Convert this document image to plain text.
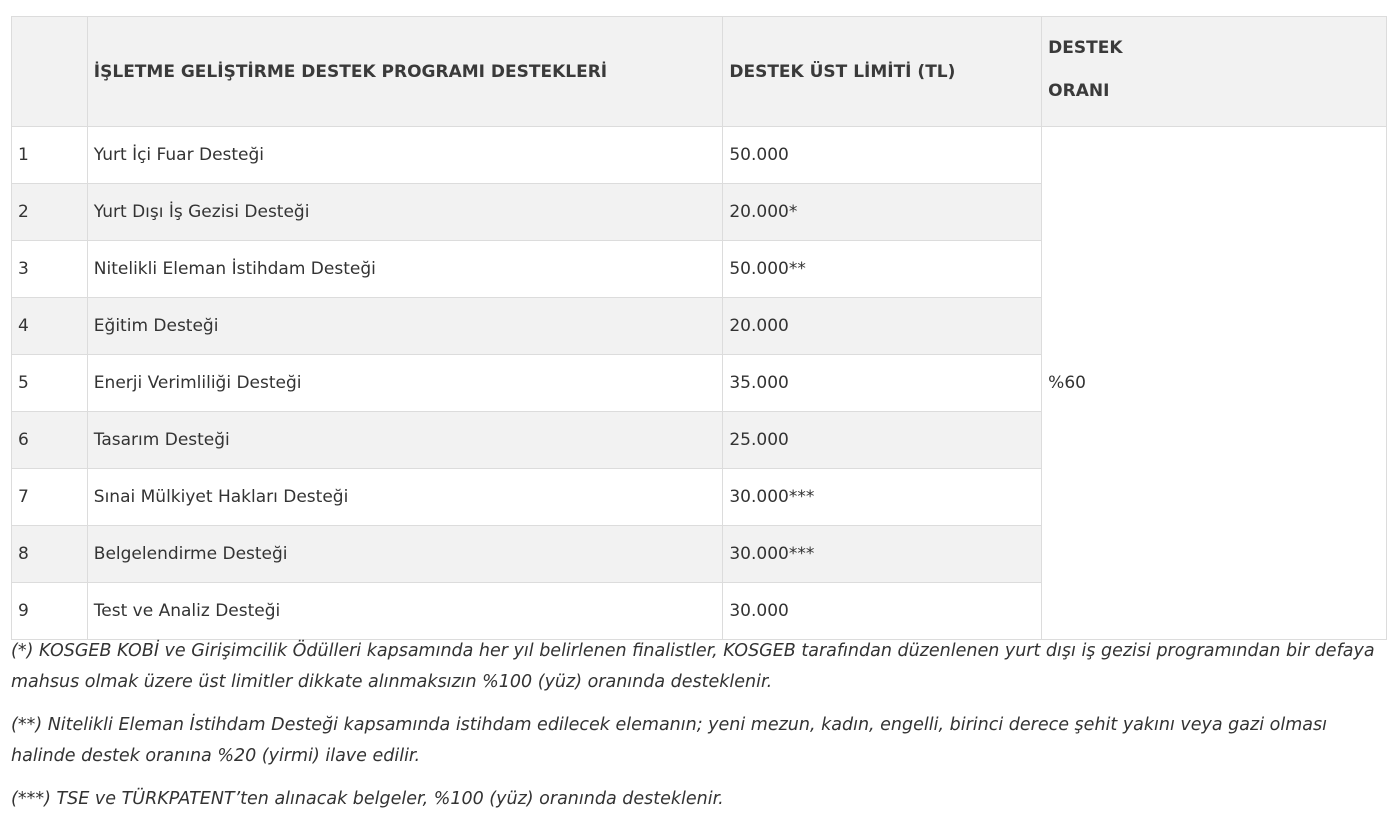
	İŞLETME GELİŞTİRME DESTEK PROGRAMI DESTEKLERİ	DESTEK ÜST LİMİTİ (TL)	DESTEK
ORANI

1	Yurt İçi Fuar Desteği	50.000	%60
2	Yurt Dışı İş Gezisi Desteği	20.000*	
3	Nitelikli Eleman İstihdam Desteği	50.000**	
4	Eğitim Desteği	20.000	
5	Enerji Verimliliği Desteği	35.000	
6	Tasarım Desteği	25.000	
7	Sınai Mülkiyet Hakları Desteği	30.000***	
8	Belgelendirme Desteği	30.000***	
9	Test ve Analiz Desteği	30.000	

(*) KOSGEB KOBİ ve Girişimcilik Ödülleri kapsamında her yıl belirlenen finalistler, KOSGEB tarafından düzenlenen yurt dışı iş gezisi programından bir defaya mahsus olmak üzere üst limitler dikkate alınmaksızın %100 (yüz) oranında desteklenir.

(**) Nitelikli Eleman İstihdam Desteği kapsamında istihdam edilecek elemanın; yeni mezun, kadın, engelli, birinci derece şehit yakını veya gazi olması halinde destek oranına %20 (yirmi) ilave edilir.

(***) TSE ve TÜRKPATENT’ten alınacak belgeler, %100 (yüz) oranında desteklenir.
